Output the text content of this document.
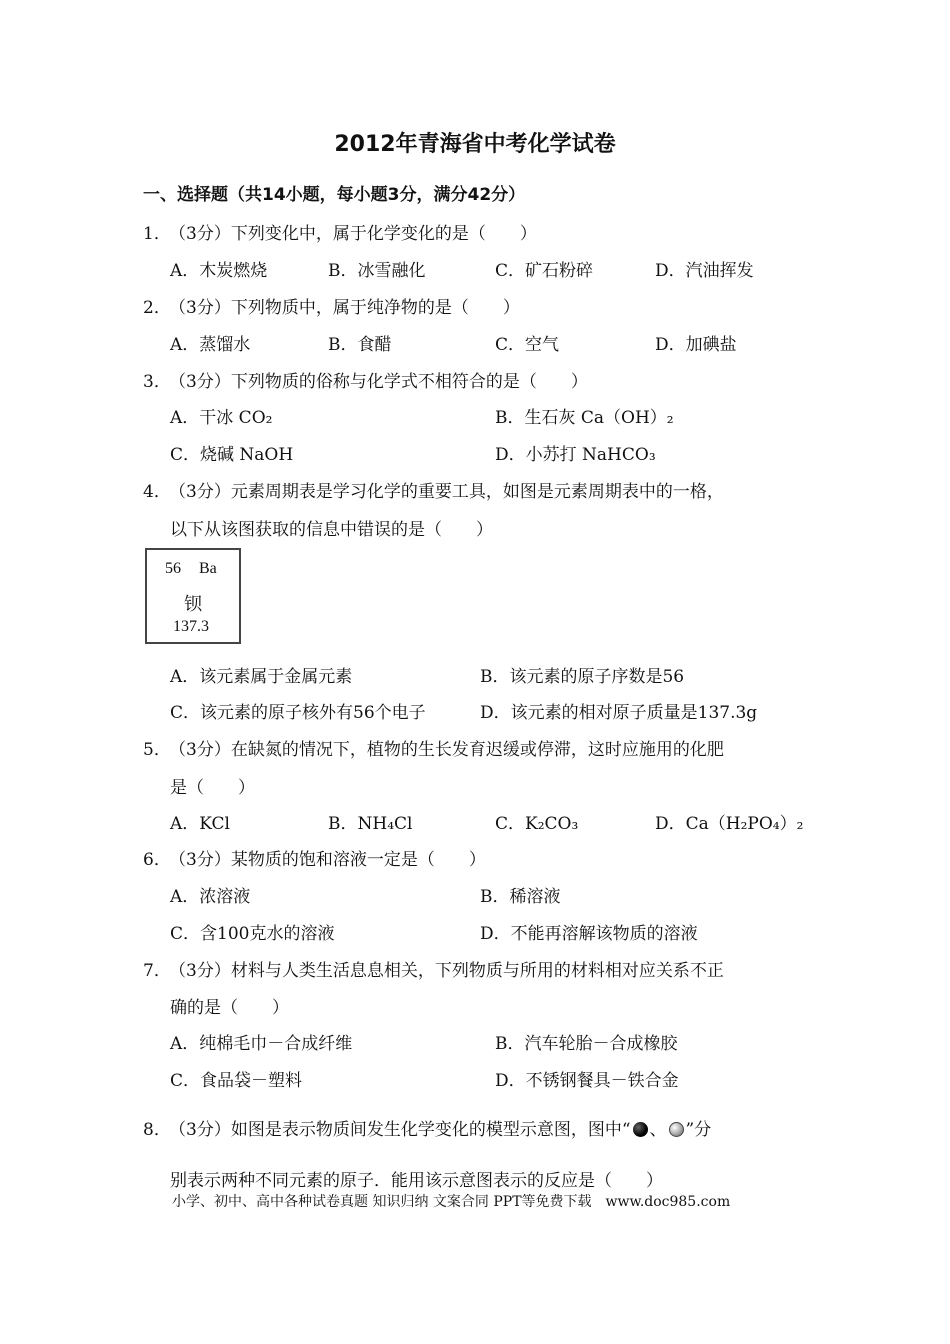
2012年青海省中考化学试卷
一、选择题（共14小题，每小题3分，满分42分）
1．（3分）下列变化中，属于化学变化的是（　　）
A．木炭燃烧	B．冰雪融化	C．矿石粉碎	D．汽油挥发
2．（3分）下列物质中，属于纯净物的是（　　）
A．蒸馏水	B．食醋	C．空气	D．加碘盐
3．（3分）下列物质的俗称与化学式不相符合的是（　　）
A．干冰 CO₂	B．生石灰 Ca（OH）₂
C．烧碱 NaOH	D．小苏打 NaHCO₃
4．（3分）元素周期表是学习化学的重要工具，如图是元素周期表中的一格，
以下从该图获取的信息中错误的是（　　）
56 Ba
钡
137.3
A．该元素属于金属元素	B．该元素的原子序数是56
C．该元素的原子核外有56个电子	D．该元素的相对原子质量是137.3g
5．（3分）在缺氮的情况下，植物的生长发育迟缓或停滞，这时应施用的化肥
是（　　）
A．KCl	B．NH₄Cl	C．K₂CO₃	D．Ca（H₂PO₄）₂
6．（3分）某物质的饱和溶液一定是（　　）
A．浓溶液	B．稀溶液
C．含100克水的溶液	D．不能再溶解该物质的溶液
7．（3分）材料与人类生活息息相关，下列物质与所用的材料相对应关系不正
确的是（　　）
A．纯棉毛巾－合成纤维	B．汽车轮胎－合成橡胶
C．食品袋－塑料	D．不锈钢餐具－铁合金
8．（3分）如图是表示物质间发生化学变化的模型示意图，图中“ 、 ”分
别表示两种不同元素的原子．能用该示意图表示的反应是（　　）
小学、初中、高中各种试卷真题 知识归纳 文案合同 PPT等免费下载　www.doc985.com
